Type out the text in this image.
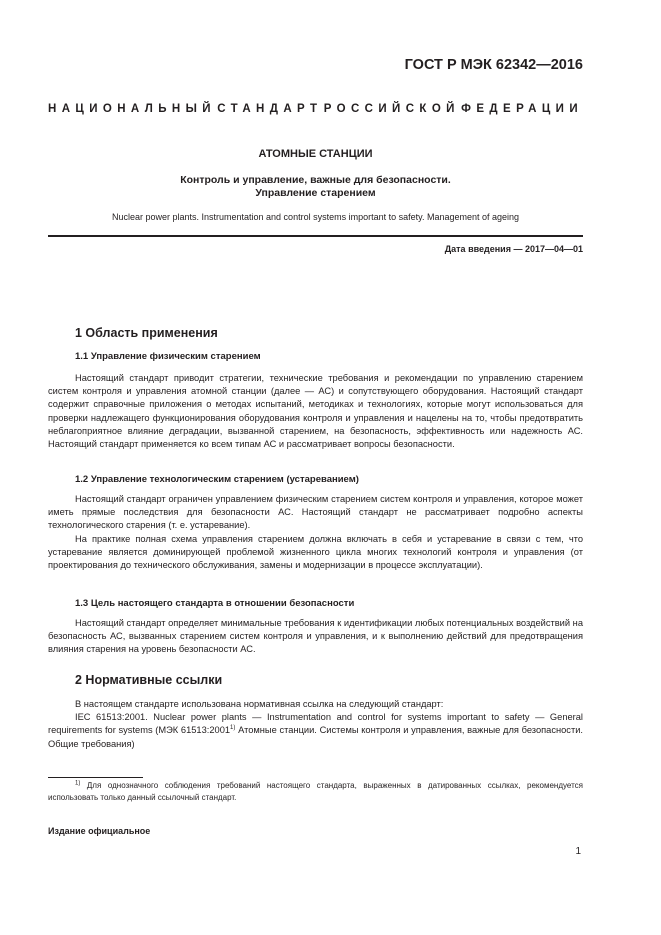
ГОСТ Р МЭК 62342—2016
НАЦИОНАЛЬНЫЙ СТАНДАРТ РОССИЙСКОЙ ФЕДЕРАЦИИ
АТОМНЫЕ СТАНЦИИ
Контроль и управление, важные для безопасности.
Управление старением
Nuclear power plants. Instrumentation and control systems important to safety. Management of ageing
Дата введения — 2017—04—01
1 Область применения
1.1 Управление физическим старением

Настоящий стандарт приводит стратегии, технические требования и рекомендации по управлению старением систем контроля и управления атомной станции (далее — АС) и сопутствующего оборудования. Настоящий стандарт содержит справочные приложения о методах испытаний, методиках и технологиях, которые могут использоваться для проверки надлежащего функционирования оборудования контроля и управления и нацелены на то, чтобы предотвратить неблагоприятное влияние деградации, вызванной старением, на безопасность, эффективность или надежность АС. Настоящий стандарт применяется ко всем типам АС и рассматривает вопросы безопасности.

1.2 Управление технологическим старением (устареванием)

Настоящий стандарт ограничен управлением физическим старением систем контроля и управления, которое может иметь прямые последствия для безопасности АС. Настоящий стандарт не рассматривает подробно аспекты технологического старения (т. е. устаревание).

На практике полная схема управления старением должна включать в себя и устаревание в связи с тем, что устаревание является доминирующей проблемой жизненного цикла многих технологий контроля и управления (от проектирования до технического обслуживания, замены и модернизации в процессе эксплуатации).

1.3 Цель настоящего стандарта в отношении безопасности

Настоящий стандарт определяет минимальные требования к идентификации любых потенциальных воздействий на безопасность АС, вызванных старением систем контроля и управления, и к выполнению действий для предотвращения влияния старения на уровень безопасности АС.

2 Нормативные ссылки

В настоящем стандарте использована нормативная ссылка на следующий стандарт:

IEC 61513:2001. Nuclear power plants — Instrumentation and control for systems important to safety — General requirements for systems (МЭК 61513:2001$^{1)}$ Атомные станции. Системы контроля и управления, важные для безопасности. Общие требования)

$^{1)}$ Для однозначного соблюдения требований настоящего стандарта, выраженных в датированных ссылках, рекомендуется использовать только данный ссылочный стандарт.

Издание официальное
1
